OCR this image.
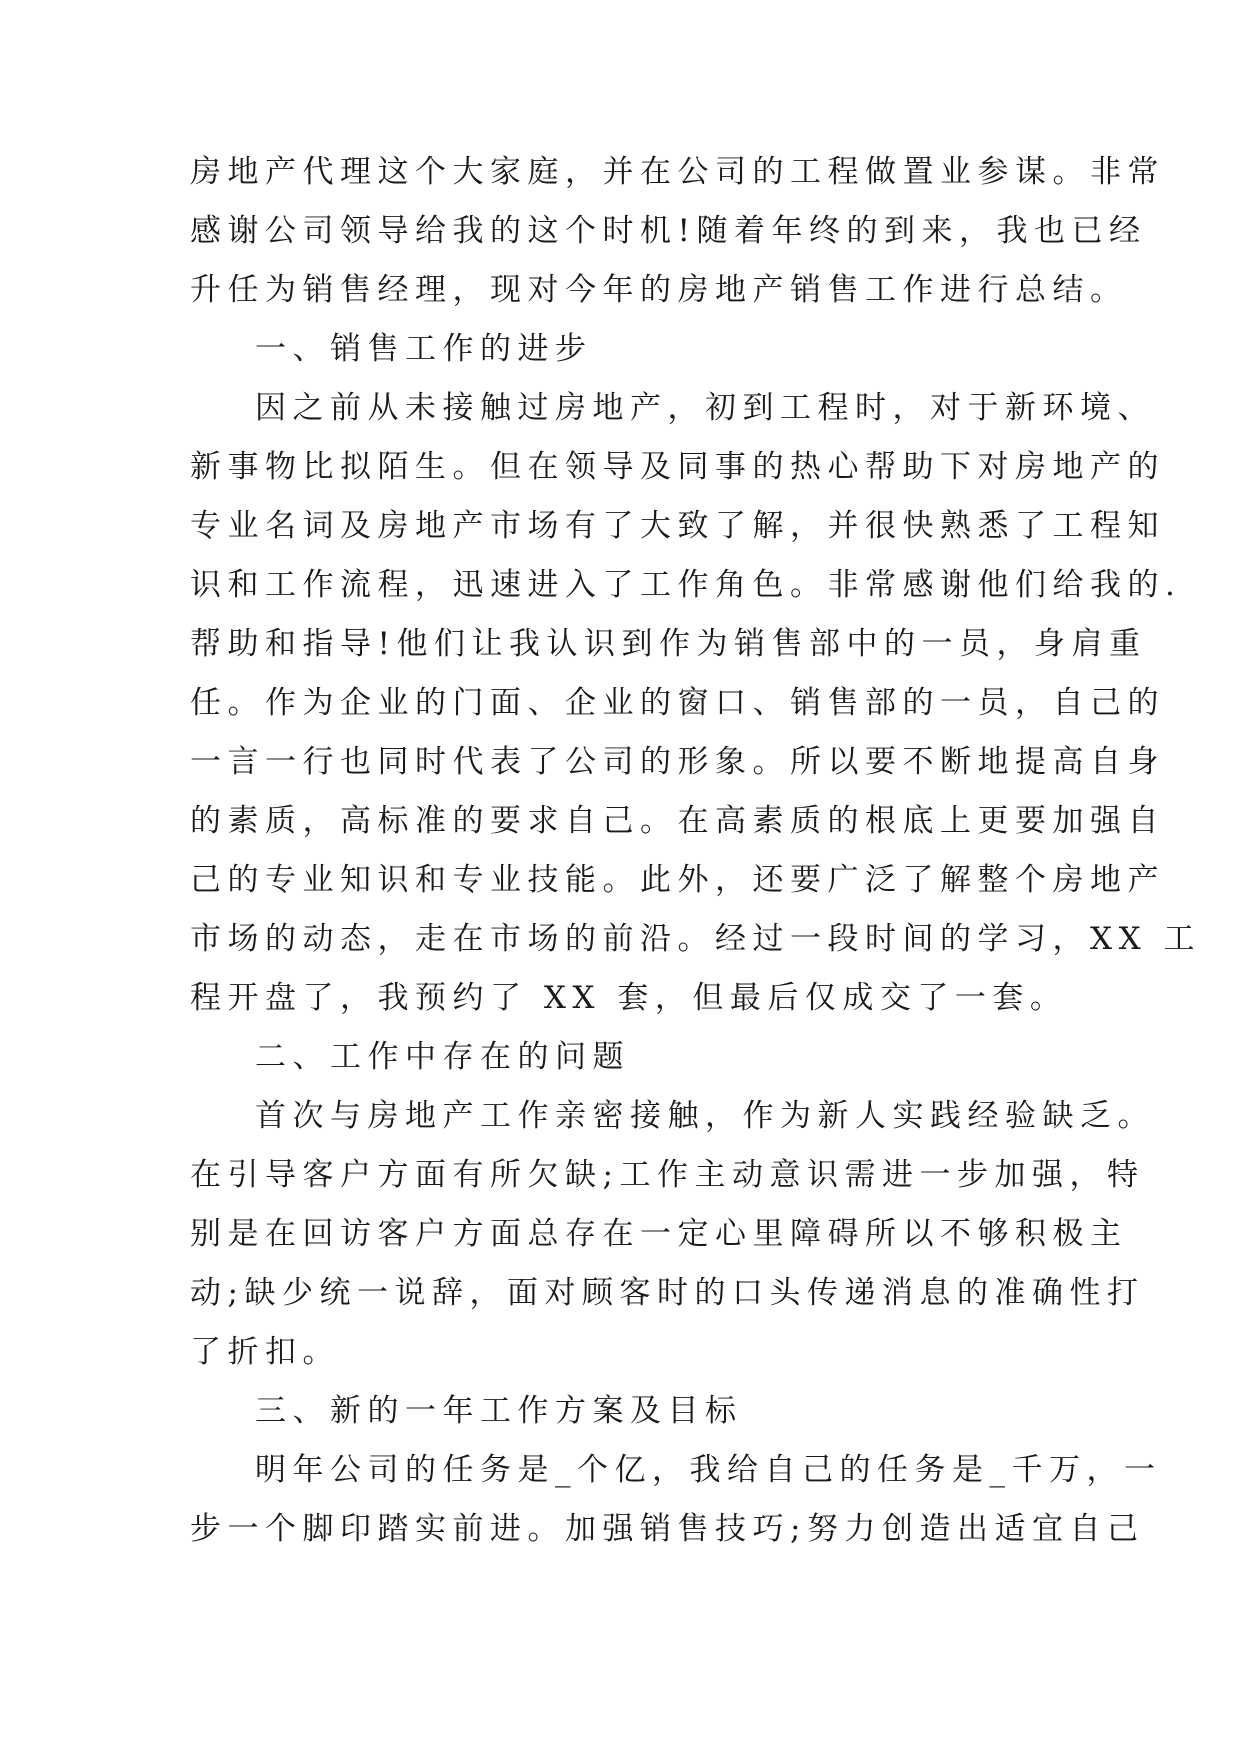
房地产代理这个大家庭，并在公司的工程做置业参谋。非常
感谢公司领导给我的这个时机!随着年终的到来，我也已经
升任为销售经理，现对今年的房地产销售工作进行总结。
一、销售工作的进步
因之前从未接触过房地产，初到工程时，对于新环境、
新事物比拟陌生。但在领导及同事的热心帮助下对房地产的
专业名词及房地产市场有了大致了解，并很快熟悉了工程知
识和工作流程，迅速进入了工作角色。非常感谢他们给我的.
帮助和指导!他们让我认识到作为销售部中的一员，身肩重
任。作为企业的门面、企业的窗口、销售部的一员，自己的
一言一行也同时代表了公司的形象。所以要不断地提高自身
的素质，高标准的要求自己。在高素质的根底上更要加强自
己的专业知识和专业技能。此外，还要广泛了解整个房地产
市场的动态，走在市场的前沿。经过一段时间的学习，XX 工
程开盘了，我预约了 XX 套，但最后仅成交了一套。
二、工作中存在的问题
首次与房地产工作亲密接触，作为新人实践经验缺乏。
在引导客户方面有所欠缺;工作主动意识需进一步加强，特
别是在回访客户方面总存在一定心里障碍所以不够积极主
动;缺少统一说辞，面对顾客时的口头传递消息的准确性打
了折扣。
三、新的一年工作方案及目标
明年公司的任务是_个亿，我给自己的任务是_千万，一
步一个脚印踏实前进。加强销售技巧;努力创造出适宜自己
